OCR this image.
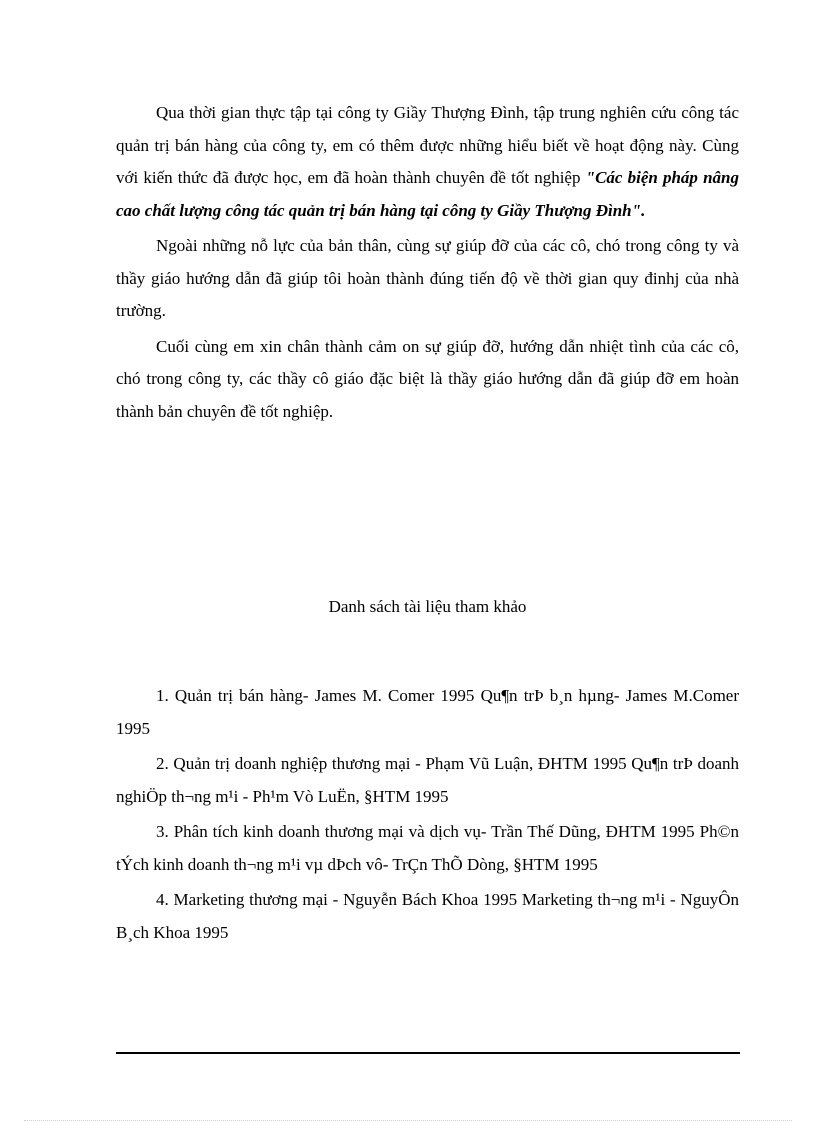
Qua thời gian thực tập tại công ty Giầy Thượng Đình, tập trung nghiên cứu công tác quản trị bán hàng của công ty, em có thêm được những hiểu biết về hoạt động này. Cùng với kiến thức đã được học, em đã hoàn thành chuyên đề tốt nghiệp "Các biện pháp nâng cao chất lượng công tác quản trị bán hàng tại công ty Giầy Thượng Đình".

Ngoài những nỗ lực của bản thân, cùng sự giúp đỡ của các cô, chó trong công ty và thầy giáo hướng dẫn đã giúp tôi hoàn thành đúng tiến độ về thời gian quy đinhj của nhà trường.

Cuối cùng em xin chân thành cảm on sự giúp đỡ, hướng dẫn nhiệt tình của các cô, chó trong công ty, các thầy cô giáo đặc biệt là thầy giáo hướng dẫn đã giúp đỡ em hoàn thành bản chuyên đề tốt nghiệp.

Danh sách tài liệu tham khảo

1. Quản trị bán hàng- James M. Comer 1995 Qu¶n trÞ b¸n hµng- James M.Comer 1995

2. Quản trị doanh nghiệp thương mại - Phạm Vũ Luận, ĐHTM 1995 Qu¶n trÞ doanh nghiÖp th¬ng m¹i - Ph¹m Vò LuËn, §HTM 1995

3. Phân tích kinh doanh thương mại và dịch vụ- Trần Thế Dũng, ĐHTM 1995 Ph©n tÝch kinh doanh th¬ng m¹i vµ dÞch vô- TrÇn ThÕ Dòng, §HTM 1995

4. Marketing thương mại - Nguyễn Bách Khoa 1995 Marketing th¬ng m¹i - NguyÔn B¸ch Khoa 1995
